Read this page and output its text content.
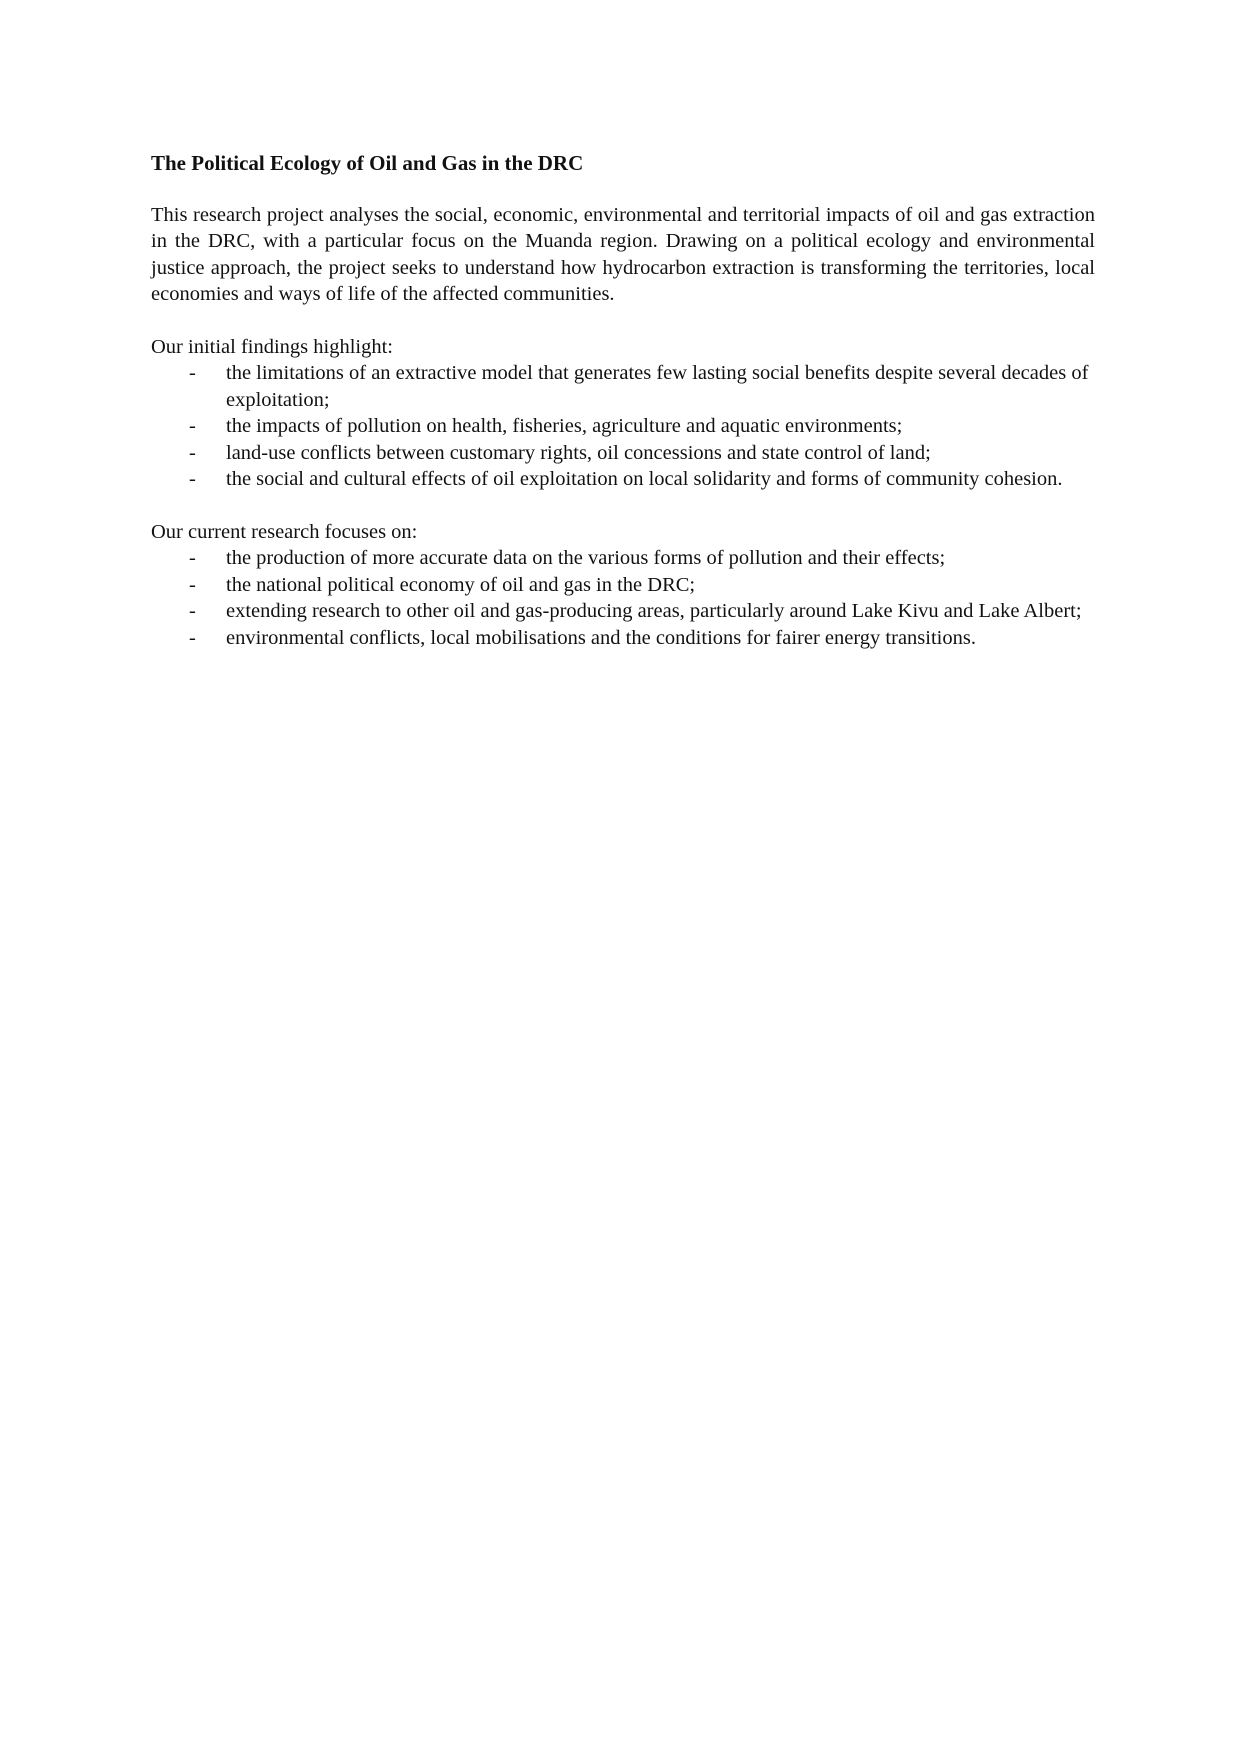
The Political Ecology of Oil and Gas in the DRC

This research project analyses the social, economic, environmental and territorial impacts of oil and gas extraction in the DRC, with a particular focus on the Muanda region. Drawing on a political ecology and environmental justice approach, the project seeks to understand how hydrocarbon extraction is transforming the territories, local economies and ways of life of the affected communities.

Our initial findings highlight:
- the limitations of an extractive model that generates few lasting social benefits despite several decades of exploitation;
- the impacts of pollution on health, fisheries, agriculture and aquatic environments;
- land-use conflicts between customary rights, oil concessions and state control of land;
- the social and cultural effects of oil exploitation on local solidarity and forms of community cohesion.
Our current research focuses on:
- the production of more accurate data on the various forms of pollution and their effects;
- the national political economy of oil and gas in the DRC;
- extending research to other oil and gas-producing areas, particularly around Lake Kivu and Lake Albert;
- environmental conflicts, local mobilisations and the conditions for fairer energy transitions.
